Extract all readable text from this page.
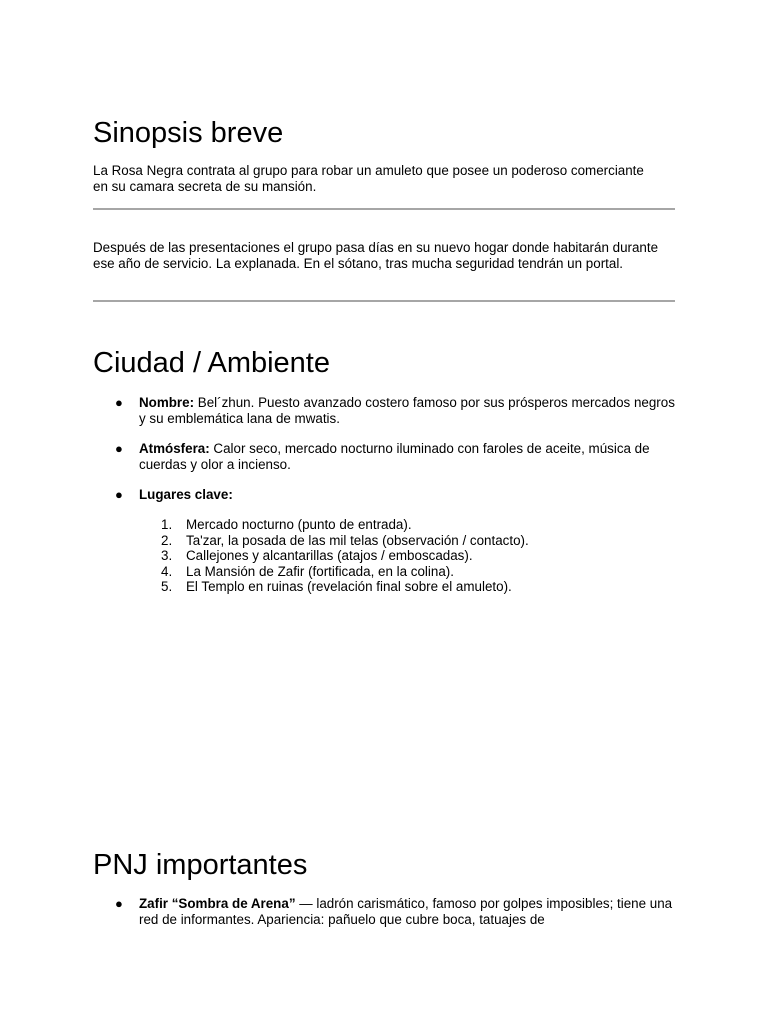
Sinopsis breve

La Rosa Negra contrata al grupo para robar un amuleto que posee un poderoso comerciante en su camara secreta de su mansión.

Después de las presentaciones el grupo pasa días en su nuevo hogar donde habitarán durante ese año de servicio. La explanada. En el sótano, tras mucha seguridad tendrán un portal.

Ciudad / Ambiente
● Nombre: Bel´zhun. Puesto avanzado costero famoso por sus prósperos mercados negros y su emblemática lana de mwatis.
● Atmósfera: Calor seco, mercado nocturno iluminado con faroles de aceite, música de cuerdas y olor a incienso.
● Lugares clave:
1. Mercado nocturno (punto de entrada).
2. Ta'zar, la posada de las mil telas (observación / contacto).
3. Callejones y alcantarillas (atajos / emboscadas).
4. La Mansión de Zafir (fortificada, en la colina).
5. El Templo en ruinas (revelación final sobre el amuleto).
PNJ importantes
● Zafir “Sombra de Arena” — ladrón carismático, famoso por golpes imposibles; tiene una red de informantes. Apariencia: pañuelo que cubre boca, tatuajes de
